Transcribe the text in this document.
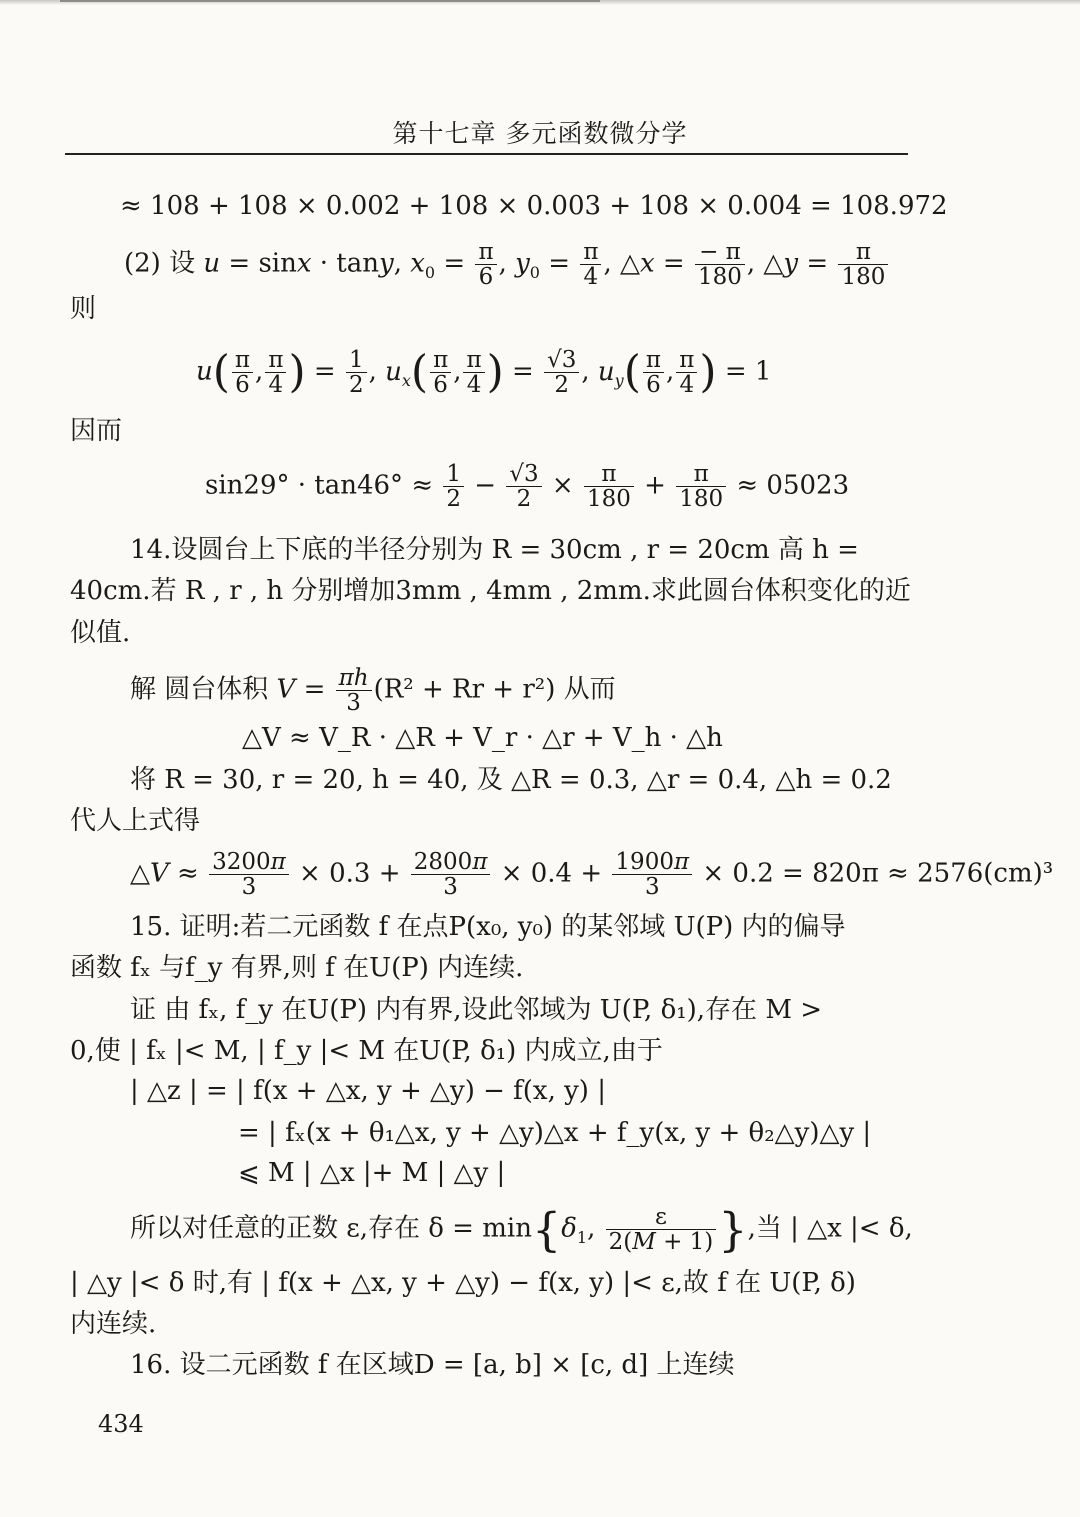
第十七章 多元函数微分学
≈ 108 + 108 × 0.002 + 108 × 0.003 + 108 × 0.004 = 108.972
(2) 设 u = sinx · tany, $x_0 = \frac{\pi}{6}$ , $y_0 = \frac{\pi}{4}$ , △x = $\frac{- \pi}{180}$ , △y = $\frac{\pi}{180}$
则
$u( \frac{\pi}{6}$ , $\frac{\pi}{4}$ ) = $\frac{1}{2}$ , $u_x( \frac{\pi}{6}$ , $\frac{\pi}{4}$ ) = $\frac{√3}{2}$ , $u_y( \frac{\pi}{6}$ , $\frac{\pi}{4}$ ) = 1
因而
$\sin 29^\circ \cdot \tan 46^\circ \approx \frac{1}{2} - \frac{√3}{2} \times \frac{\pi}{180} + \frac{\pi}{180} \approx 05023$
14.设圆台上下底的半径分别为 R = 30cm , r = 20cm 高 h =
40cm.若 R , r , h 分别增加3mm , 4mm , 2mm.求此圆台体积变化的近
似值.
解 圆台体积 $V = \frac{\pi h}{3} (R^2 + Rr + r^2)$ 从而
△V ≈ V_R · △R + V_r · △r + V_h · △h
将 R = 30, r = 20, h = 40, 及 △R = 0.3, △r = 0.4, △h = 0.2
代人上式得
△V ≈ $\frac{3200\pi}{3} \times 0.3 + \frac{2800\pi}{3} \times 0.4 + \frac{1900\pi}{3} \times 0.2 = 820\pi \approx 2576(cm)^3$
15. 证明:若二元函数 f 在点P(x₀, y₀) 的某邻域 U(P) 内的偏导
函数 fₓ 与f_y 有界,则 f 在U(P) 内连续.
证 由 fₓ, f_y 在U(P) 内有界,设此邻域为 U(P, δ₁),存在 M >
0,使 | fₓ |< M, | f_y |< M 在U(P, δ₁) 内成立,由于
| △z | = | f(x + △x, y + △y) − f(x, y) |
= | fₓ(x + θ₁△x, y + △y)△x + f_y(x, y + θ₂△y)△y |
⩽ M | △x |+ M | △y |
所以对任意的正数 ε,存在 $\delta = \min\{\delta_1$, $\frac{\varepsilon}{2(M + 1)}$ },当 | △x |< δ,
| △y |< δ 时,有 | f(x + △x, y + △y) − f(x, y) |< ε,故 f 在 U(P, δ)
内连续.
16. 设二元函数 f 在区域D = [a, b] × [c, d] 上连续
434
